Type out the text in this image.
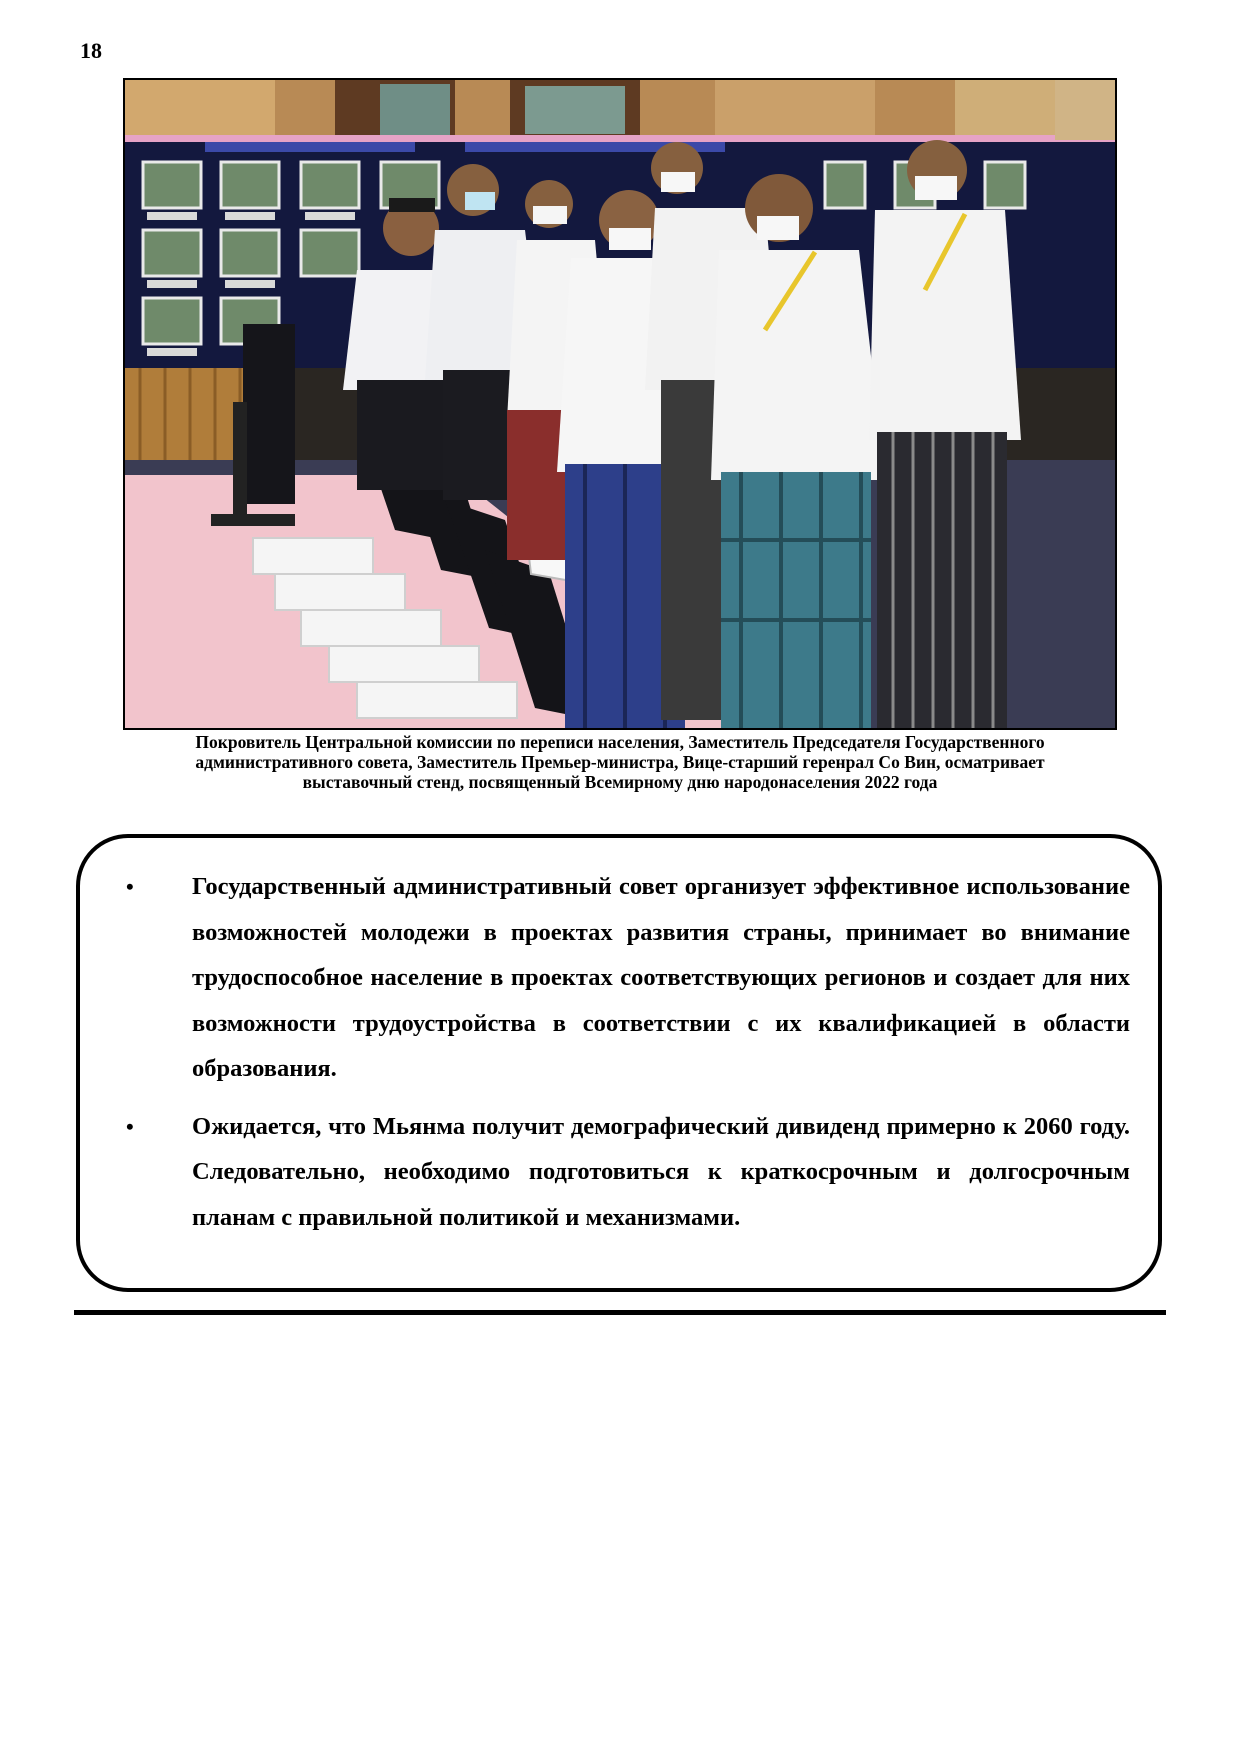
18
Покровитель Центральной комиссии по переписи населения, Заместитель Председателя Государственного
административного совета, Заместитель Премьер-министра, Вице-старший геренрал Со Вин, осматривает
выставочный стенд, посвященный Всемирному дню народонаселения 2022 года
• Государственный административный совет организует эффективное использование возможностей молодежи в проектах развития страны, принимает во внимание трудоспособное население в проектах соответствующих регионов и создает для них возможности трудоустройства в соответствии с их квалификацией в области образования.
• Ожидается, что Мьянма получит демографический дивиденд примерно к 2060 году. Следовательно, необходимо подготовиться к краткосрочным и долгосрочным планам с правильной политикой и механизмами.
